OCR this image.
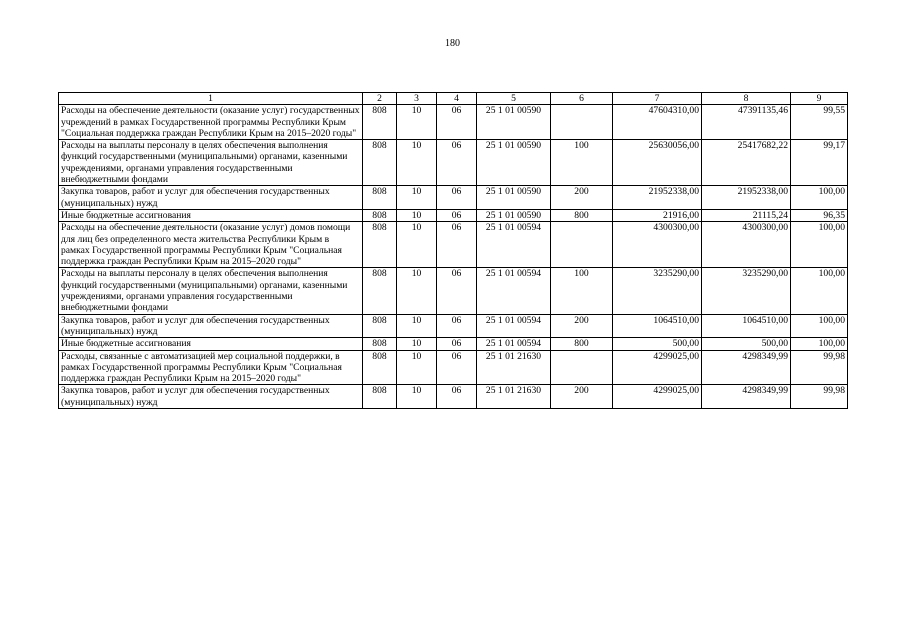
180
1	2	3	4	5	6	7	8	9
Расходы на обеспечение деятельности (оказание услуг) государственных учреждений в рамках Государственной программы Республики Крым "Социальная поддержка граждан Республики Крым на 2015–2020 годы"	808	10	06	25 1 01 00590		47604310,00	47391135,46	99,55
Расходы на выплаты персоналу в целях обеспечения выполнения функций государственными (муниципальными) органами, казенными учреждениями, органами управления государственными внебюджетными фондами	808	10	06	25 1 01 00590	100	25630056,00	25417682,22	99,17
Закупка товаров, работ и услуг для обеспечения государственных (муниципальных) нужд	808	10	06	25 1 01 00590	200	21952338,00	21952338,00	100,00
Иные бюджетные ассигнования	808	10	06	25 1 01 00590	800	21916,00	21115,24	96,35
Расходы на обеспечение деятельности (оказание услуг) домов помощи для лиц без определенного места жительства Республики Крым в рамках Государственной программы Республики Крым "Социальная поддержка граждан Республики Крым на 2015–2020 годы"	808	10	06	25 1 01 00594		4300300,00	4300300,00	100,00
Расходы на выплаты персоналу в целях обеспечения выполнения функций государственными (муниципальными) органами, казенными учреждениями, органами управления государственными внебюджетными фондами	808	10	06	25 1 01 00594	100	3235290,00	3235290,00	100,00
Закупка товаров, работ и услуг для обеспечения государственных (муниципальных) нужд	808	10	06	25 1 01 00594	200	1064510,00	1064510,00	100,00
Иные бюджетные ассигнования	808	10	06	25 1 01 00594	800	500,00	500,00	100,00
Расходы, связанные с автоматизацией мер социальной поддержки, в рамках Государственной программы Республики Крым "Социальная поддержка граждан Республики Крым на 2015–2020 годы"	808	10	06	25 1 01 21630		4299025,00	4298349,99	99,98
Закупка товаров, работ и услуг для обеспечения государственных (муниципальных) нужд	808	10	06	25 1 01 21630	200	4299025,00	4298349,99	99,98
